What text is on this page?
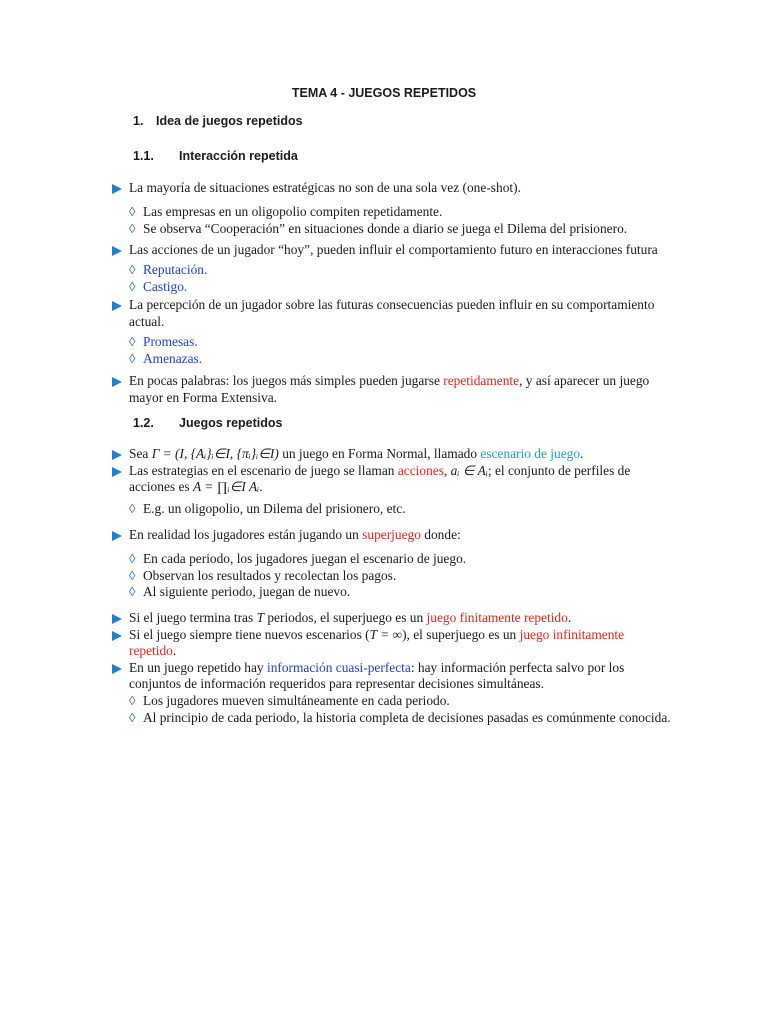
TEMA 4 - JUEGOS REPETIDOS
1. Idea de juegos repetidos
1.1. Interacción repetida
La mayoría de situaciones estratégicas no son de una sola vez (one-shot).
◊ Las empresas en un oligopolio compiten repetidamente.
◊ Se observa “Cooperación” en situaciones donde a diario se juega el Dilema del prisionero.
Las acciones de un jugador “hoy”, pueden influir el comportamiento futuro en interacciones futura
◊ Reputación.
◊ Castigo.
La percepción de un jugador sobre las futuras consecuencias pueden influir en su comportamiento actual.
◊ Promesas.
◊ Amenazas.
En pocas palabras: los juegos más simples pueden jugarse repetidamente, y así aparecer un juego mayor en Forma Extensiva.
1.2. Juegos repetidos
Sea Γ = (I, {Aᵢ}ᵢ∈I, {πᵢ}ᵢ∈I) un juego en Forma Normal, llamado escenario de juego.
Las estrategias en el escenario de juego se llaman acciones, aᵢ ∈ Aᵢ; el conjunto de perfiles de acciones es A = ∏ᵢ∈I Aᵢ.
◊ E.g. un oligopolio, un Dilema del prisionero, etc.
En realidad los jugadores están jugando un superjuego donde:
◊ En cada periodo, los jugadores juegan el escenario de juego.
◊ Observan los resultados y recolectan los pagos.
◊ Al siguiente periodo, juegan de nuevo.
Si el juego termina tras T periodos, el superjuego es un juego finitamente repetido.
Si el juego siempre tiene nuevos escenarios (T = ∞), el superjuego es un juego infinitamente repetido.
En un juego repetido hay información cuasi-perfecta: hay información perfecta salvo por los conjuntos de información requeridos para representar decisiones simultáneas.
◊ Los jugadores mueven simultáneamente en cada periodo.
◊ Al principio de cada periodo, la historia completa de decisiones pasadas es comúnmente conocida.
